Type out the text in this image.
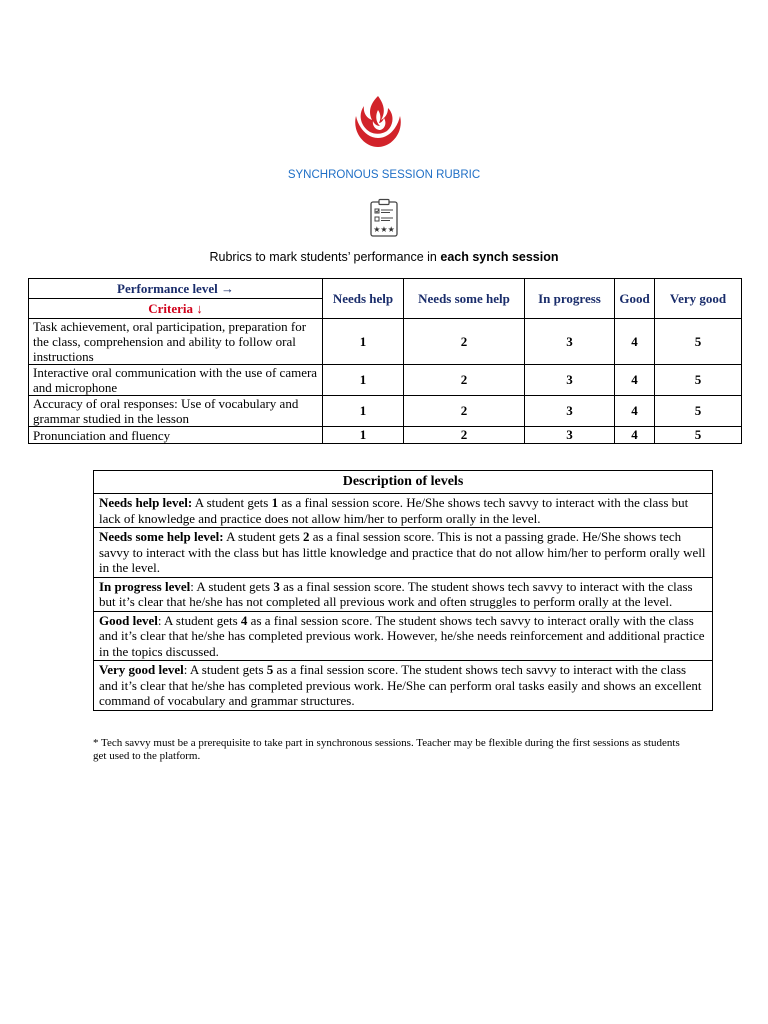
SYNCHRONOUS SESSION RUBRIC
★★★
Rubrics to mark students’ performance in each synch session
Performance level →	Needs help	Needs some help	In progress	Good	Very good
Criteria ↓					
Task achievement, oral participation, preparation for the class, comprehension and ability to follow oral instructions	1	2	3	4	5
Interactive oral communication with the use of camera and microphone	1	2	3	4	5
Accuracy of oral responses: Use of vocabulary and grammar studied in the lesson	1	2	3	4	5
Pronunciation and fluency	1	2	3	4	5
Description of levels
Needs help level: A student gets 1 as a final session score. He/She shows tech savvy to interact with the class but lack of knowledge and practice does not allow him/her to perform orally in the level.
Needs some help level: A student gets 2 as a final session score. This is not a passing grade. He/She shows tech savvy to interact with the class but has little knowledge and practice that do not allow him/her to perform orally well in the level.
In progress level: A student gets 3 as a final session score. The student shows tech savvy to interact with the class but it’s clear that he/she has not completed all previous work and often struggles to perform orally at the level.
Good level: A student gets 4 as a final session score. The student shows tech savvy to interact orally with the class and it’s clear that he/she has completed previous work. However, he/she needs reinforcement and additional practice in the topics discussed.
Very good level: A student gets 5 as a final session score. The student shows tech savvy to interact with the class and it’s clear that he/she has completed previous work. He/She can perform oral tasks easily and shows an excellent command of vocabulary and grammar structures.
* Tech savvy must be a prerequisite to take part in synchronous sessions. Teacher may be flexible during the first sessions as students get used to the platform.
